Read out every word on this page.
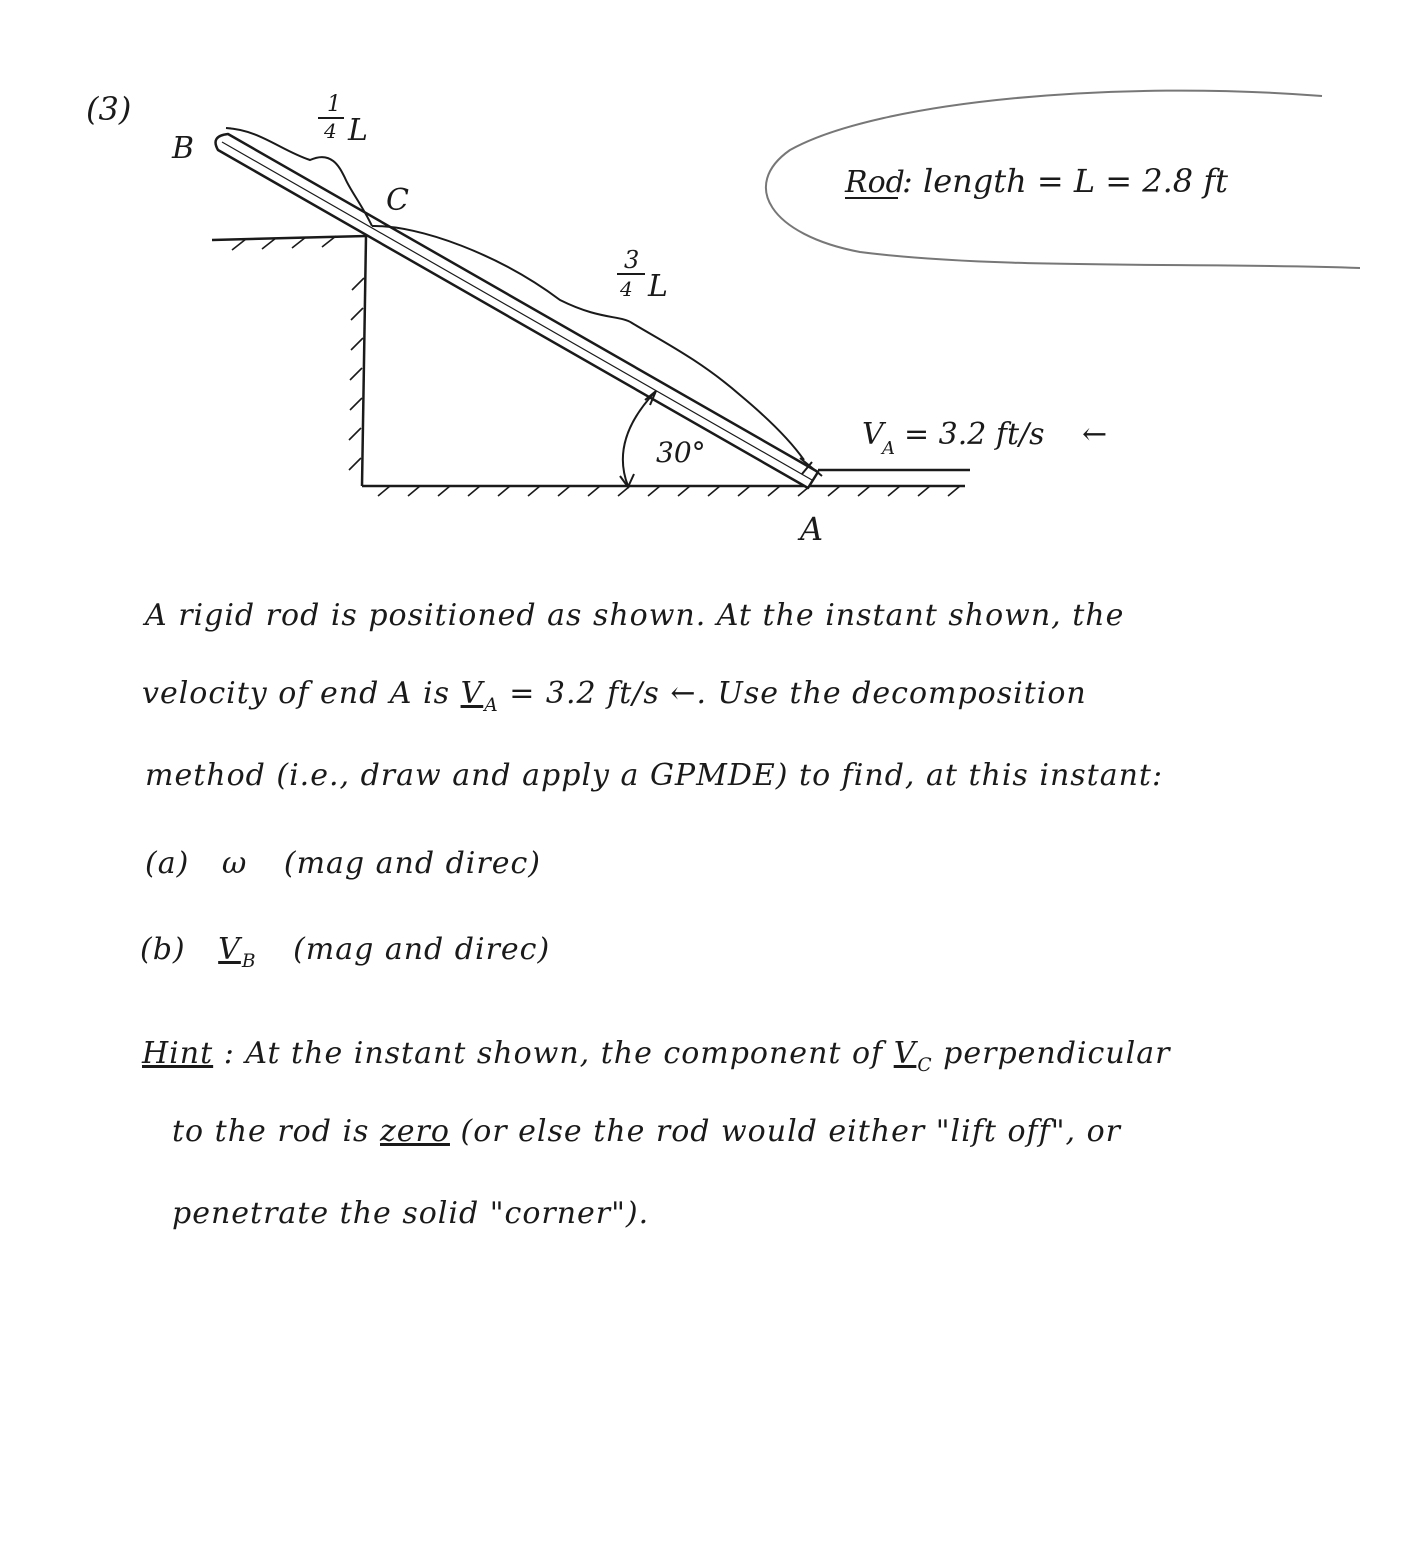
(3)
Rod
: length = L = 2.8 ft
30°
1
4 L
3
4 L
B
C
A
V
A = 3.2 ft/s ←
A rigid rod is positioned as shown. At the instant shown, the
velocity of end A is $V_A = 3.2$ ft/s ←. Use the decomposition
method (i.e., draw and apply a GPMDE) to find, at this instant:
(a) ω (mag and direc)
(b) $V_B$ (mag and direc)
Hint : At the instant shown, the component of $V_C$ perpendicular
to the rod is zero (or else the rod would either "lift off", or
penetrate the solid "corner").
